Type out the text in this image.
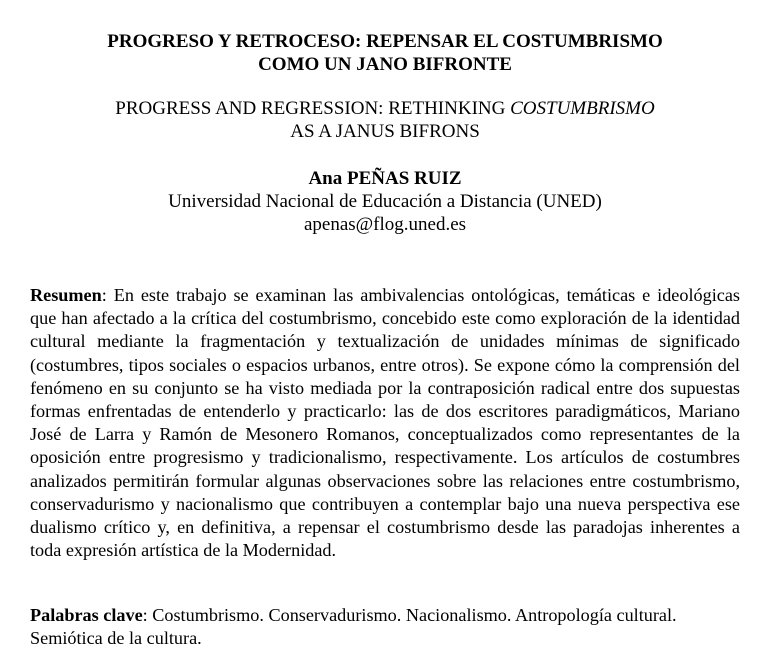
PROGRESO Y RETROCESO: REPENSAR EL COSTUMBRISMO
COMO UN JANO BIFRONTE
PROGRESS AND REGRESSION: RETHINKING COSTUMBRISMO
AS A JANUS BIFRONS
Ana PEÑAS RUIZ
Universidad Nacional de Educación a Distancia (UNED)
apenas@flog.uned.es

Resumen: En este trabajo se examinan las ambivalencias ontológicas, temáticas e ideológicas que han afectado a la crítica del costumbrismo, concebido este como exploración de la identidad cultural mediante la fragmentación y textualización de unidades mínimas de significado (costumbres, tipos sociales o espacios urbanos, entre otros). Se expone cómo la comprensión del fenómeno en su conjunto se ha visto mediada por la contraposición radical entre dos supuestas formas enfrentadas de entenderlo y practicarlo: las de dos escritores paradigmáticos, Mariano José de Larra y Ramón de Mesonero Romanos, conceptualizados como representantes de la oposición entre progresismo y tradicionalismo, respectivamente. Los artículos de costumbres analizados permitirán formular algunas observaciones sobre las relaciones entre costumbrismo, conservadurismo y nacionalismo que contribuyen a contemplar bajo una nueva perspectiva ese dualismo crítico y, en definitiva, a repensar el costumbrismo desde las paradojas inherentes a toda expresión artística de la Modernidad.

Palabras clave: Costumbrismo. Conservadurismo. Nacionalismo. Antropología cultural. Semiótica de la cultura.
